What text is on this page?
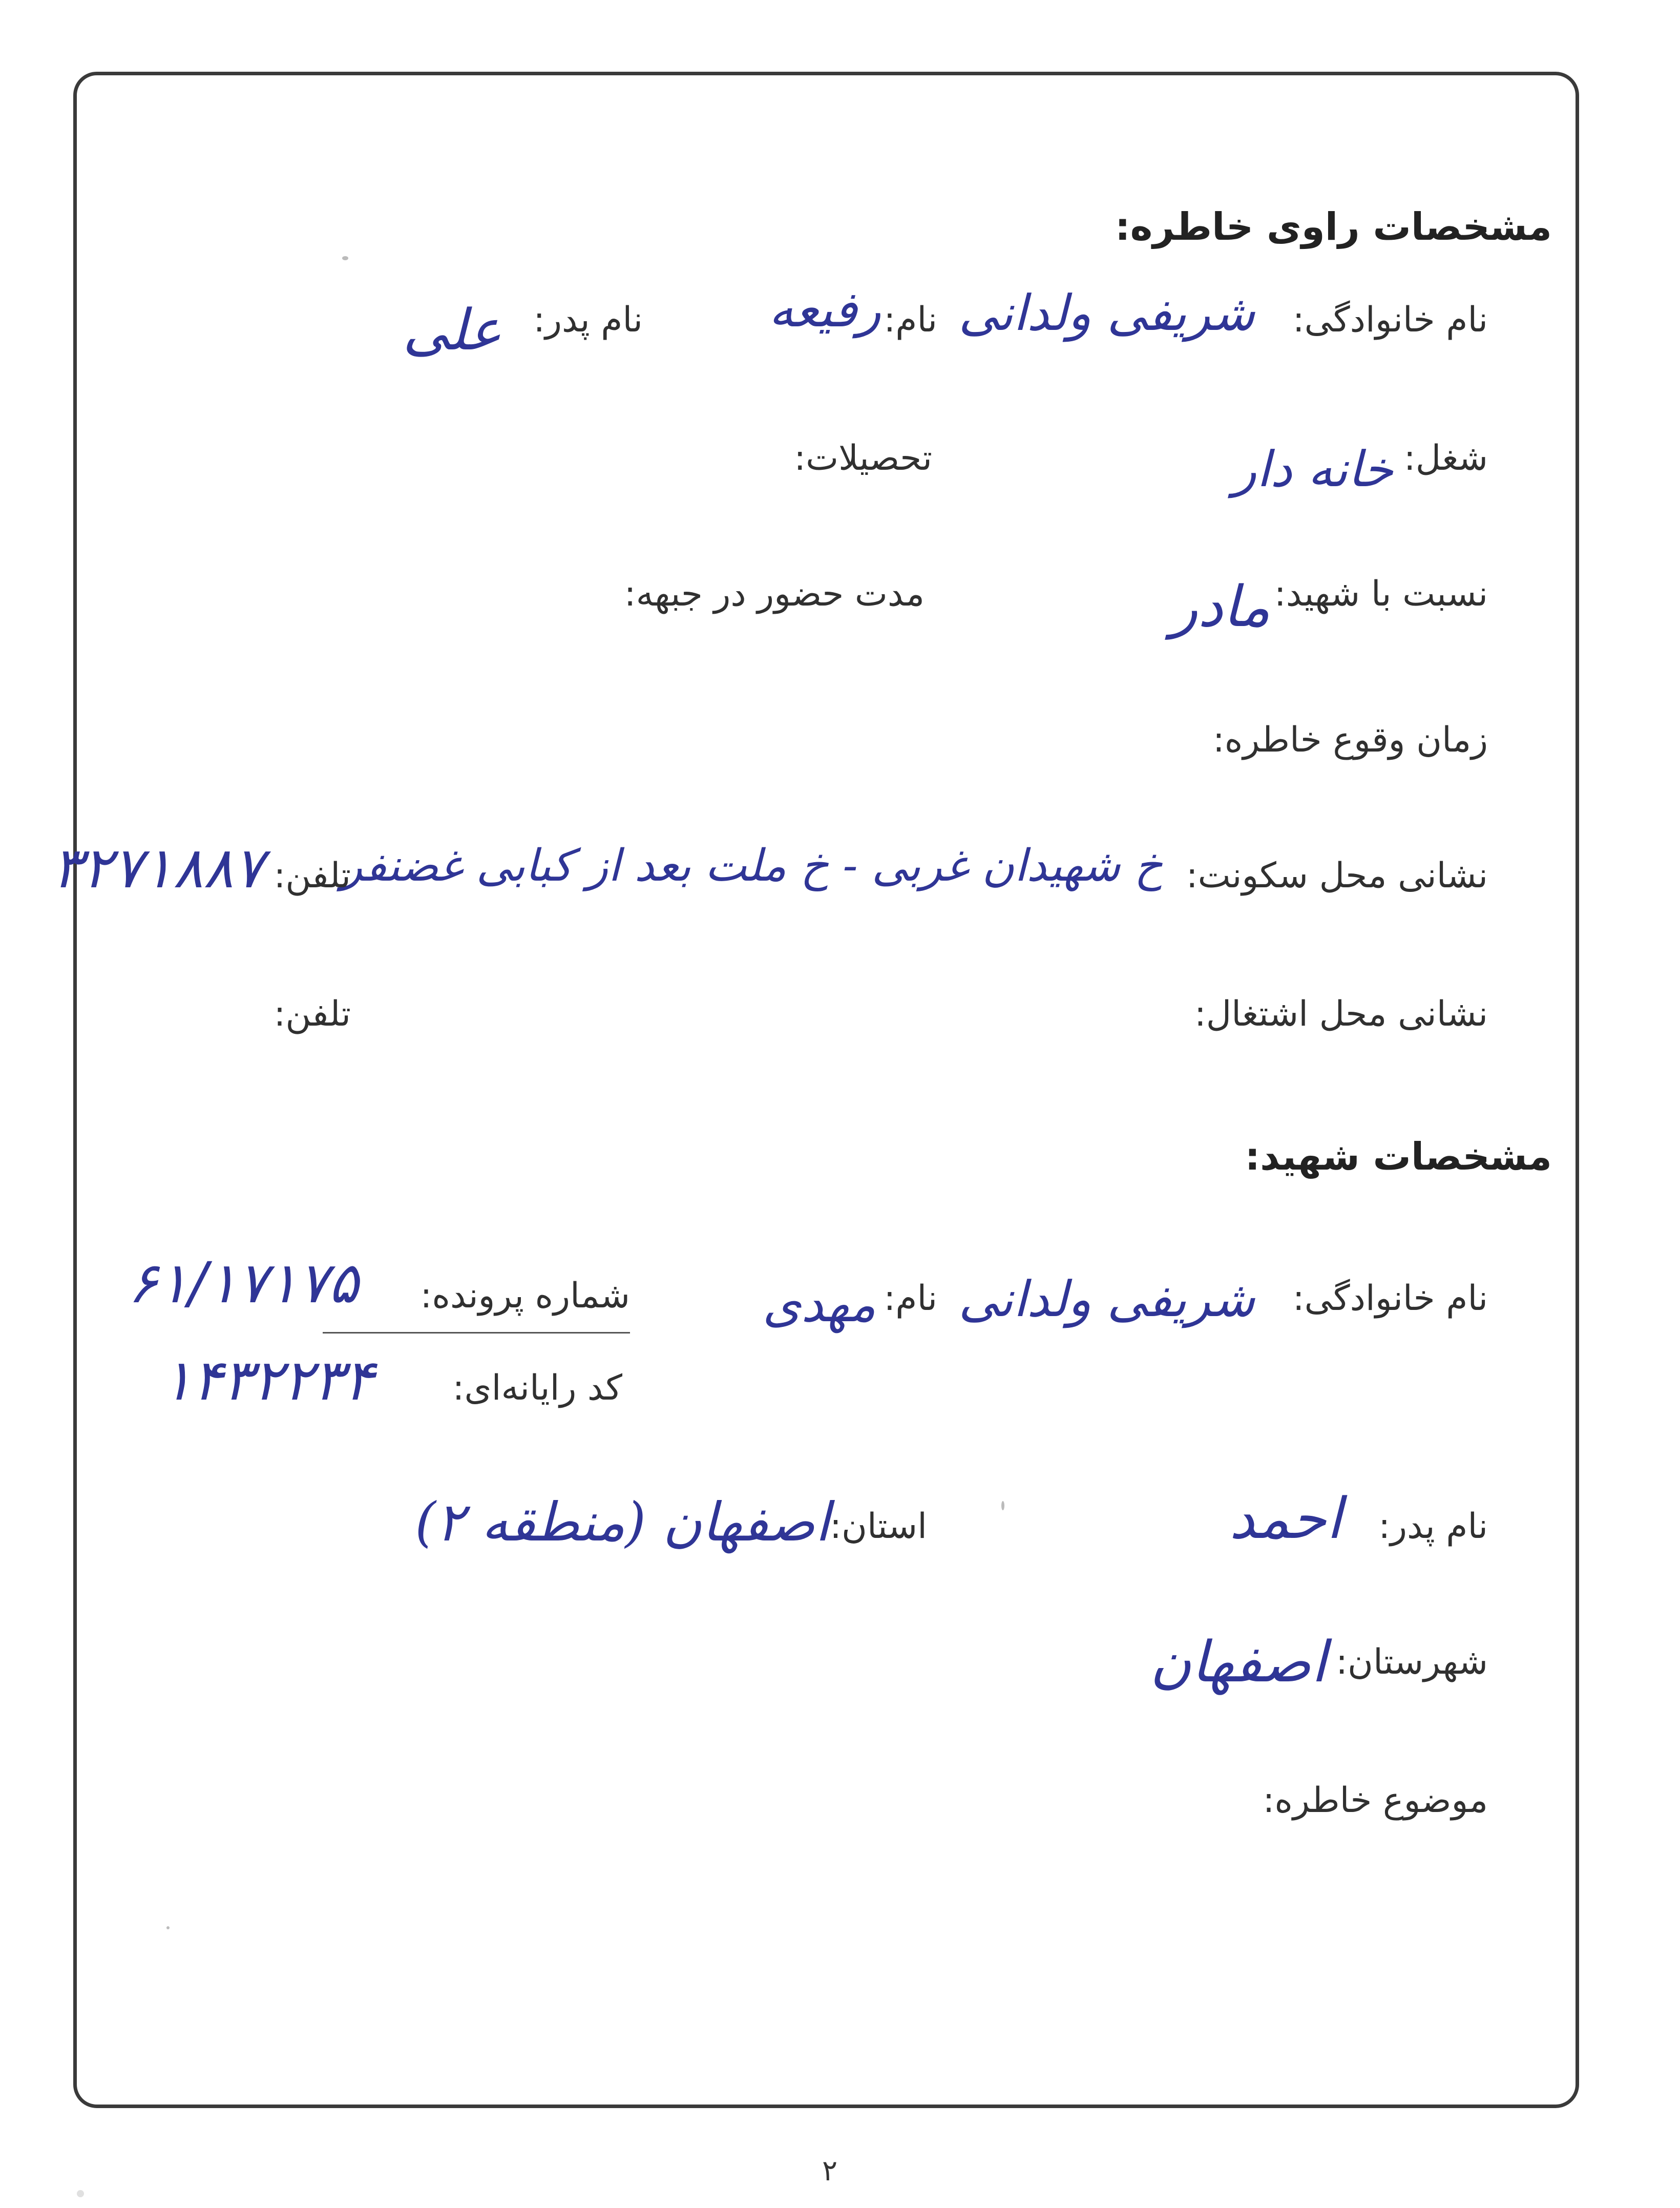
مشخصات راوی خاطره:
نام خانوادگی:
شریفی ولدانی
نام:
رفیعه
نام پدر:
علی
شغل:
خانه دار
تحصیلات:
نسبت با شهید:
مادر
مدت حضور در جبهه:
زمان وقوع خاطره:
نشانی محل سکونت:
خ شهیدان غربی - خ ملت بعد از کبابی غضنفر
تلفن:
۳۲۷۱۸۸۷
نشانی محل اشتغال:
تلفن:
مشخصات شهید:
نام خانوادگی:
شریفی ولدانی
نام:
مهدی
شماره پرونده:
۶۱/۱۷۱۷۵
کد رایانه‌ای:
۱۴۳۲۲۳۴
نام پدر:
احمد
استان:
اصفهان (منطقه ۲)
شهرستان:
اصفهان
موضوع خاطره:
۲
